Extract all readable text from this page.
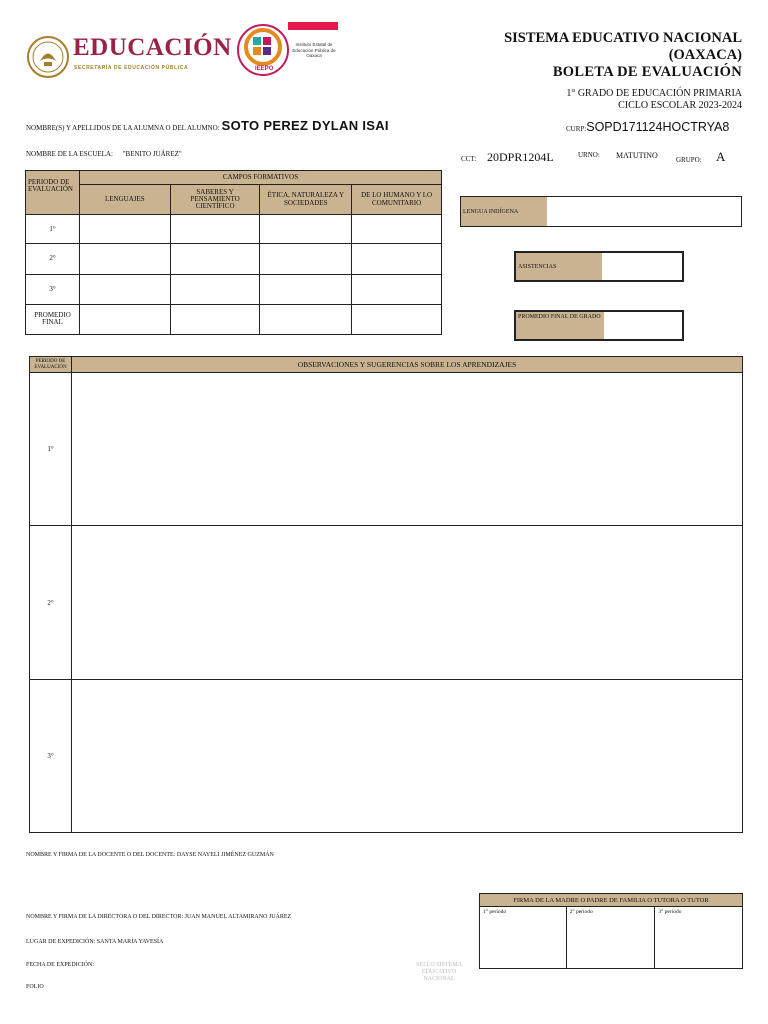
EDUCACIÓN
SECRETARÍA DE EDUCACIÓN PÚBLICA	IEEPO
Instituto Estatal de Educación Pública de Oaxaca
SISTEMA EDUCATIVO NACIONAL
(OAXACA)
BOLETA DE EVALUACIÓN
1° GRADO DE EDUCACIÓN PRIMARIA
CICLO ESCOLAR 2023-2024
NOMBRE(S) Y APELLIDOS DE LA ALUMNA O DEL ALUMNO: SOTO PEREZ DYLAN ISAI	CURP:SOPD171124HOCTRYA8
NOMBRE DE LA ESCUELA: "BENITO JUÁREZ"
CCT: 20DPR1204L	URNO: MATUTINO	GRUPO: A
PERIODO DE EVALUACIÓN	CAMPOS FORMATIVOS			
	LENGUAJES	SABERES Y PENSAMIENTO CIENTÍFICO	ÉTICA, NATURALEZA Y SOCIEDADES	DE LO HUMANO Y LO COMUNITARIO
1°				
2°				
3°				
PROMEDIO FINAL				
LENGUA INDÍGENA
ASISTENCIAS
PROMEDIO FINAL DE GRADO
PERIODO DE EVALUACIÓN	OBSERVACIONES Y SUGERENCIAS SOBRE LOS APRENDIZAJES
1°	
2°	
3°	
NOMBRE Y FIRMA DE LA DOCENTE O DEL DOCENTE: DAYSE NAYELI JIMÉNEZ GUZMÁN
NOMBRE Y FIRMA DE LA DIRECTORA O DEL DIRECTOR: JUAN MANUEL ALTAMIRANO JUÁREZ
LUGAR DE EXPEDICIÓN: SANTA MARÍA YAVESÍA
FECHA DE EXPEDICIÓN:
FOLIO
SELLO SISTEMA EDUCATIVO NACIONAL
FIRMA DE LA MADRE O PADRE DE FAMILIA O TUTORA O TUTOR
1° periodo	2° periodo	3° periodo
